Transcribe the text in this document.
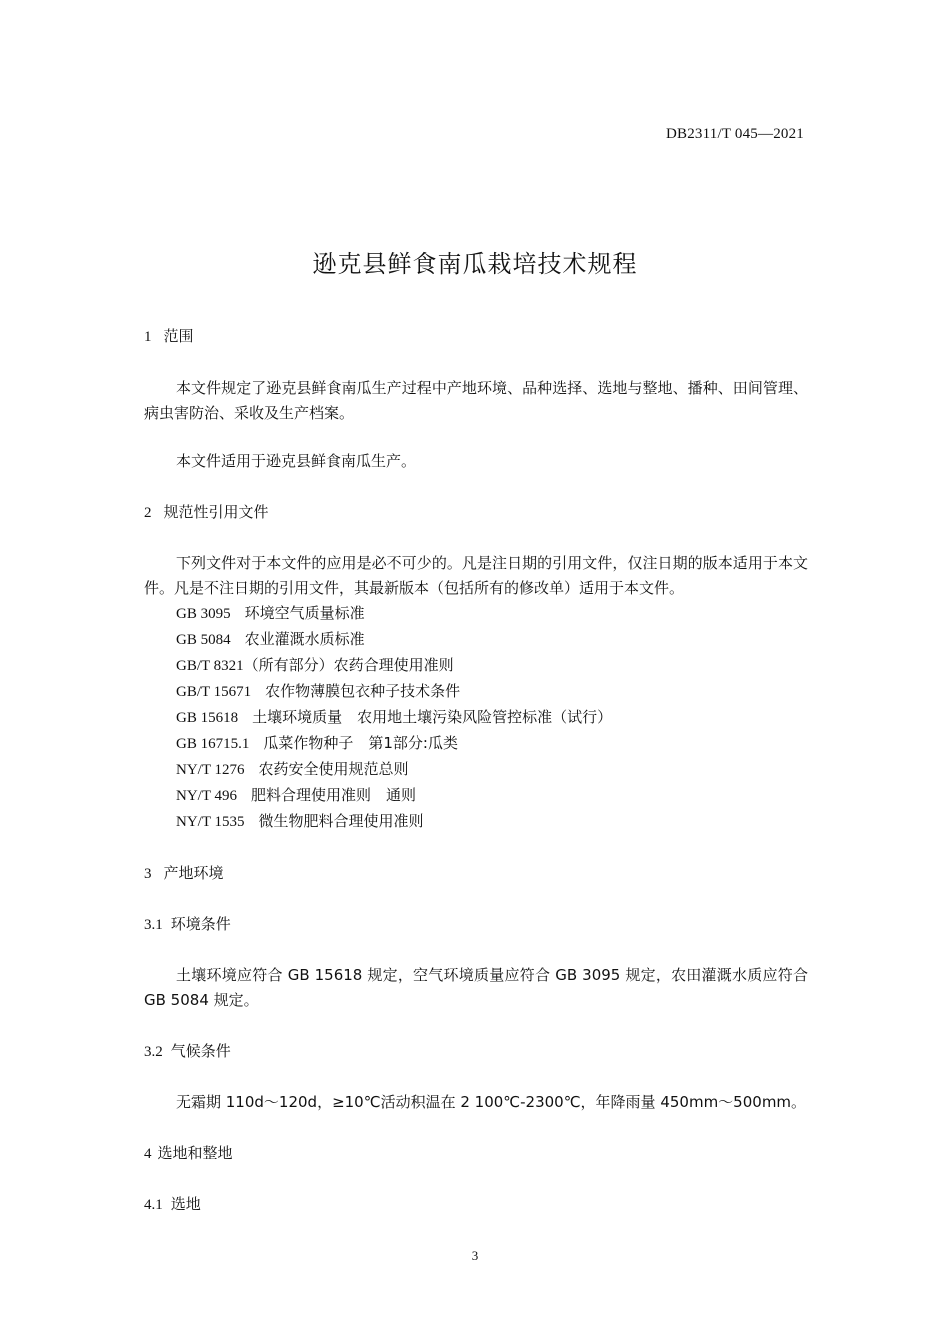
DB2311/T 045—2021
逊克县鲜食南瓜栽培技术规程

1 范围

本文件规定了逊克县鲜食南瓜生产过程中产地环境、品种选择、选地与整地、播种、田间管理、病虫害防治、采收及生产档案。

本文件适用于逊克县鲜食南瓜生产。

2 规范性引用文件

下列文件对于本文件的应用是必不可少的。凡是注日期的引用文件，仅注日期的版本适用于本文件。凡是不注日期的引用文件，其最新版本（包括所有的修改单）适用于本文件。

GB 3095 环境空气质量标准
GB 5084 农业灌溉水质标准
GB/T 8321（所有部分）农药合理使用准则
GB/T 15671 农作物薄膜包衣种子技术条件
GB 15618 土壤环境质量　农用地土壤污染风险管控标准（试行）
GB 16715.1 瓜菜作物种子　第1部分:瓜类
NY/T 1276 农药安全使用规范总则
NY/T 496 肥料合理使用准则　通则
NY/T 1535 微生物肥料合理使用准则

3 产地环境

3.1 环境条件

土壤环境应符合 GB 15618 规定，空气环境质量应符合 GB 3095 规定，农田灌溉水质应符合 GB 5084 规定。

3.2 气候条件

无霜期 110d～120d，≥10℃活动积温在 2 100℃-2300℃，年降雨量 450mm～500mm。

4 选地和整地

4.1 选地

3
